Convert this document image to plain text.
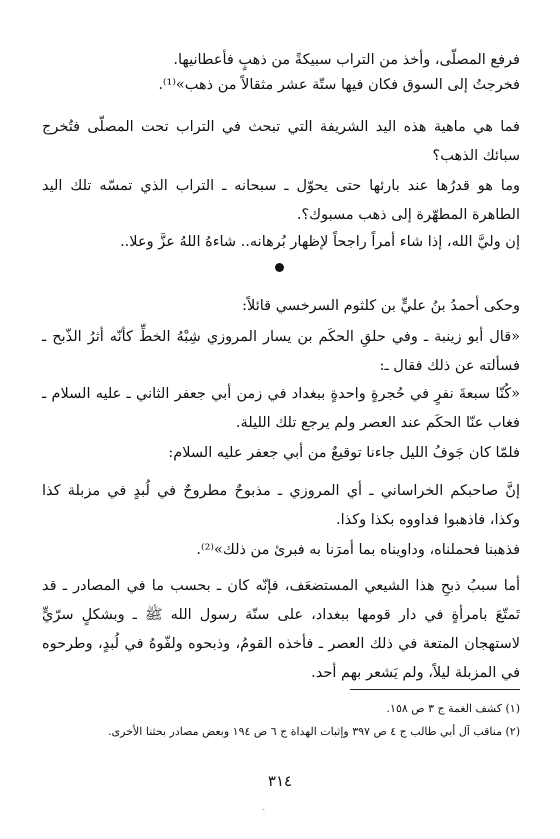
فرفع المصلّى، وأخذ من التراب سبيكةً من ذهبٍ فأعطانيها.

فخرجتُ إلى السوق فكان فيها ستّة عشر مثقالاً من ذهب»⁽¹⁾.

فما هي ماهية هذه اليد الشريفة التي تبحث في التراب تحت المصلّى فتُخرج سبائك الذهب؟

وما هو قدرُها عند بارئها حتى يحوّل ـ سبحانه ـ التراب الذي تمسّه تلك اليد الطاهرة المطهّرة إلى ذهب مسبوك؟.

إن وليَّ الله، إذا شاء أمراً راجحاً لإظهار بُرهانه.. شاءهُ اللهُ عزَّ وعلا..

وحكى أحمدُ بنُ عليٍّ بن كلثوم السرخسي قائلاً:

«قال أبو زينبة ـ وفي حلقِ الحكَم بن يسار المروزي شِبْهُ الخطِّ كأنّه أثرُ الذّبح ـ فسألته عن ذلك فقال ـ:

«كُنّا سبعةَ نفرٍ في حُجرةٍ واحدةٍ ببغداد في زمن أبي جعفر الثاني ـ عليه السلام ـ فغاب عنّا الحكَم عند العصر ولم يرجع تلك الليلة.

فلمّا كان جَوفُ الليل جاءنا توقيعٌ من أبي جعفر عليه السلام:

إنَّ صاحبكم الخراساني ـ أي المروزي ـ مذبوحٌ مطروحٌ في لُبدٍ في مزبلة كذا وكذا، فاذهبوا فداووه بكذا وكذا.

فذهبنا فحملناه، وداويناه بما أمرَنا به فبرئ من ذلك»⁽²⁾.

أما سببُ ذبحِ هذا الشيعي المستضعَف، فإنّه كان ـ بحسب ما في المصادر ـ قد تَمتّعَ بامرأةٍ في دار قومها ببغداد، على سنّة رسول الله ﷺ ـ وبشكلٍ سرّيٍّ لاستهجان المتعة في ذلك العصر ـ فأخذه القومُ، وذبحوه ولفّوهُ في لُبدٍ، وطرحوه في المزبلة ليلاً، ولم يَشعر بهم أحد.

(١) كشف الغمة ج ٣ ص ١٥٨.

(٢) مناقب آل أبي طالب ج ٤ ص ٣٩٧ وإثبات الهداة ج ٦ ص ١٩٤ وبعض مصادر بحثنا الأخرى.

٣١٤
ˎ
